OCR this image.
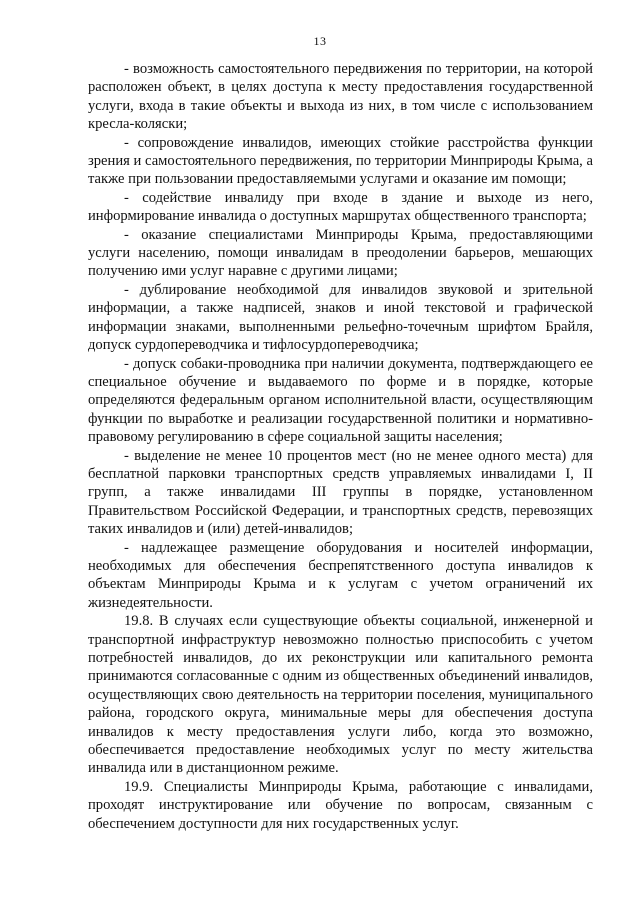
13

- возможность самостоятельного передвижения по территории, на которой расположен объект, в целях доступа к месту предоставления государственной услуги, входа в такие объекты и выхода из них, в том числе с использованием кресла-коляски;

- сопровождение инвалидов, имеющих стойкие расстройства функции зрения и самостоятельного передвижения, по территории Минприроды Крыма, а также при пользовании предоставляемыми услугами и оказание им помощи;

- содействие инвалиду при входе в здание и выходе из него, информирование инвалида о доступных маршрутах общественного транспорта;

- оказание специалистами Минприроды Крыма, предоставляющими услуги населению, помощи инвалидам в преодолении барьеров, мешающих получению ими услуг наравне с другими лицами;

- дублирование необходимой для инвалидов звуковой и зрительной информации, а также надписей, знаков и иной текстовой и графической информации знаками, выполненными рельефно-точечным шрифтом Брайля, допуск сурдопереводчика и тифлосурдопереводчика;

- допуск собаки-проводника при наличии документа, подтверждающего ее специальное обучение и выдаваемого по форме и в порядке, которые определяются федеральным органом исполнительной власти, осуществляющим функции по выработке и реализации государственной политики и нормативно-правовому регулированию в сфере социальной защиты населения;

- выделение не менее 10 процентов мест (но не менее одного места) для бесплатной парковки транспортных средств управляемых инвалидами I, II групп, а также инвалидами III группы в порядке, установленном Правительством Российской Федерации, и транспортных средств, перевозящих таких инвалидов и (или) детей-инвалидов;

- надлежащее размещение оборудования и носителей информации, необходимых для обеспечения беспрепятственного доступа инвалидов к объектам Минприроды Крыма и к услугам с учетом ограничений их жизнедеятельности.

19.8. В случаях если существующие объекты социальной, инженерной и транспортной инфраструктур невозможно полностью приспособить с учетом потребностей инвалидов, до их реконструкции или капитального ремонта принимаются согласованные с одним из общественных объединений инвалидов, осуществляющих свою деятельность на территории поселения, муниципального района, городского округа, минимальные меры для обеспечения доступа инвалидов к месту предоставления услуги либо, когда это возможно, обеспечивается предоставление необходимых услуг по месту жительства инвалида или в дистанционном режиме.

19.9. Специалисты Минприроды Крыма, работающие с инвалидами, проходят инструктирование или обучение по вопросам, связанным с обеспечением доступности для них государственных услуг.
